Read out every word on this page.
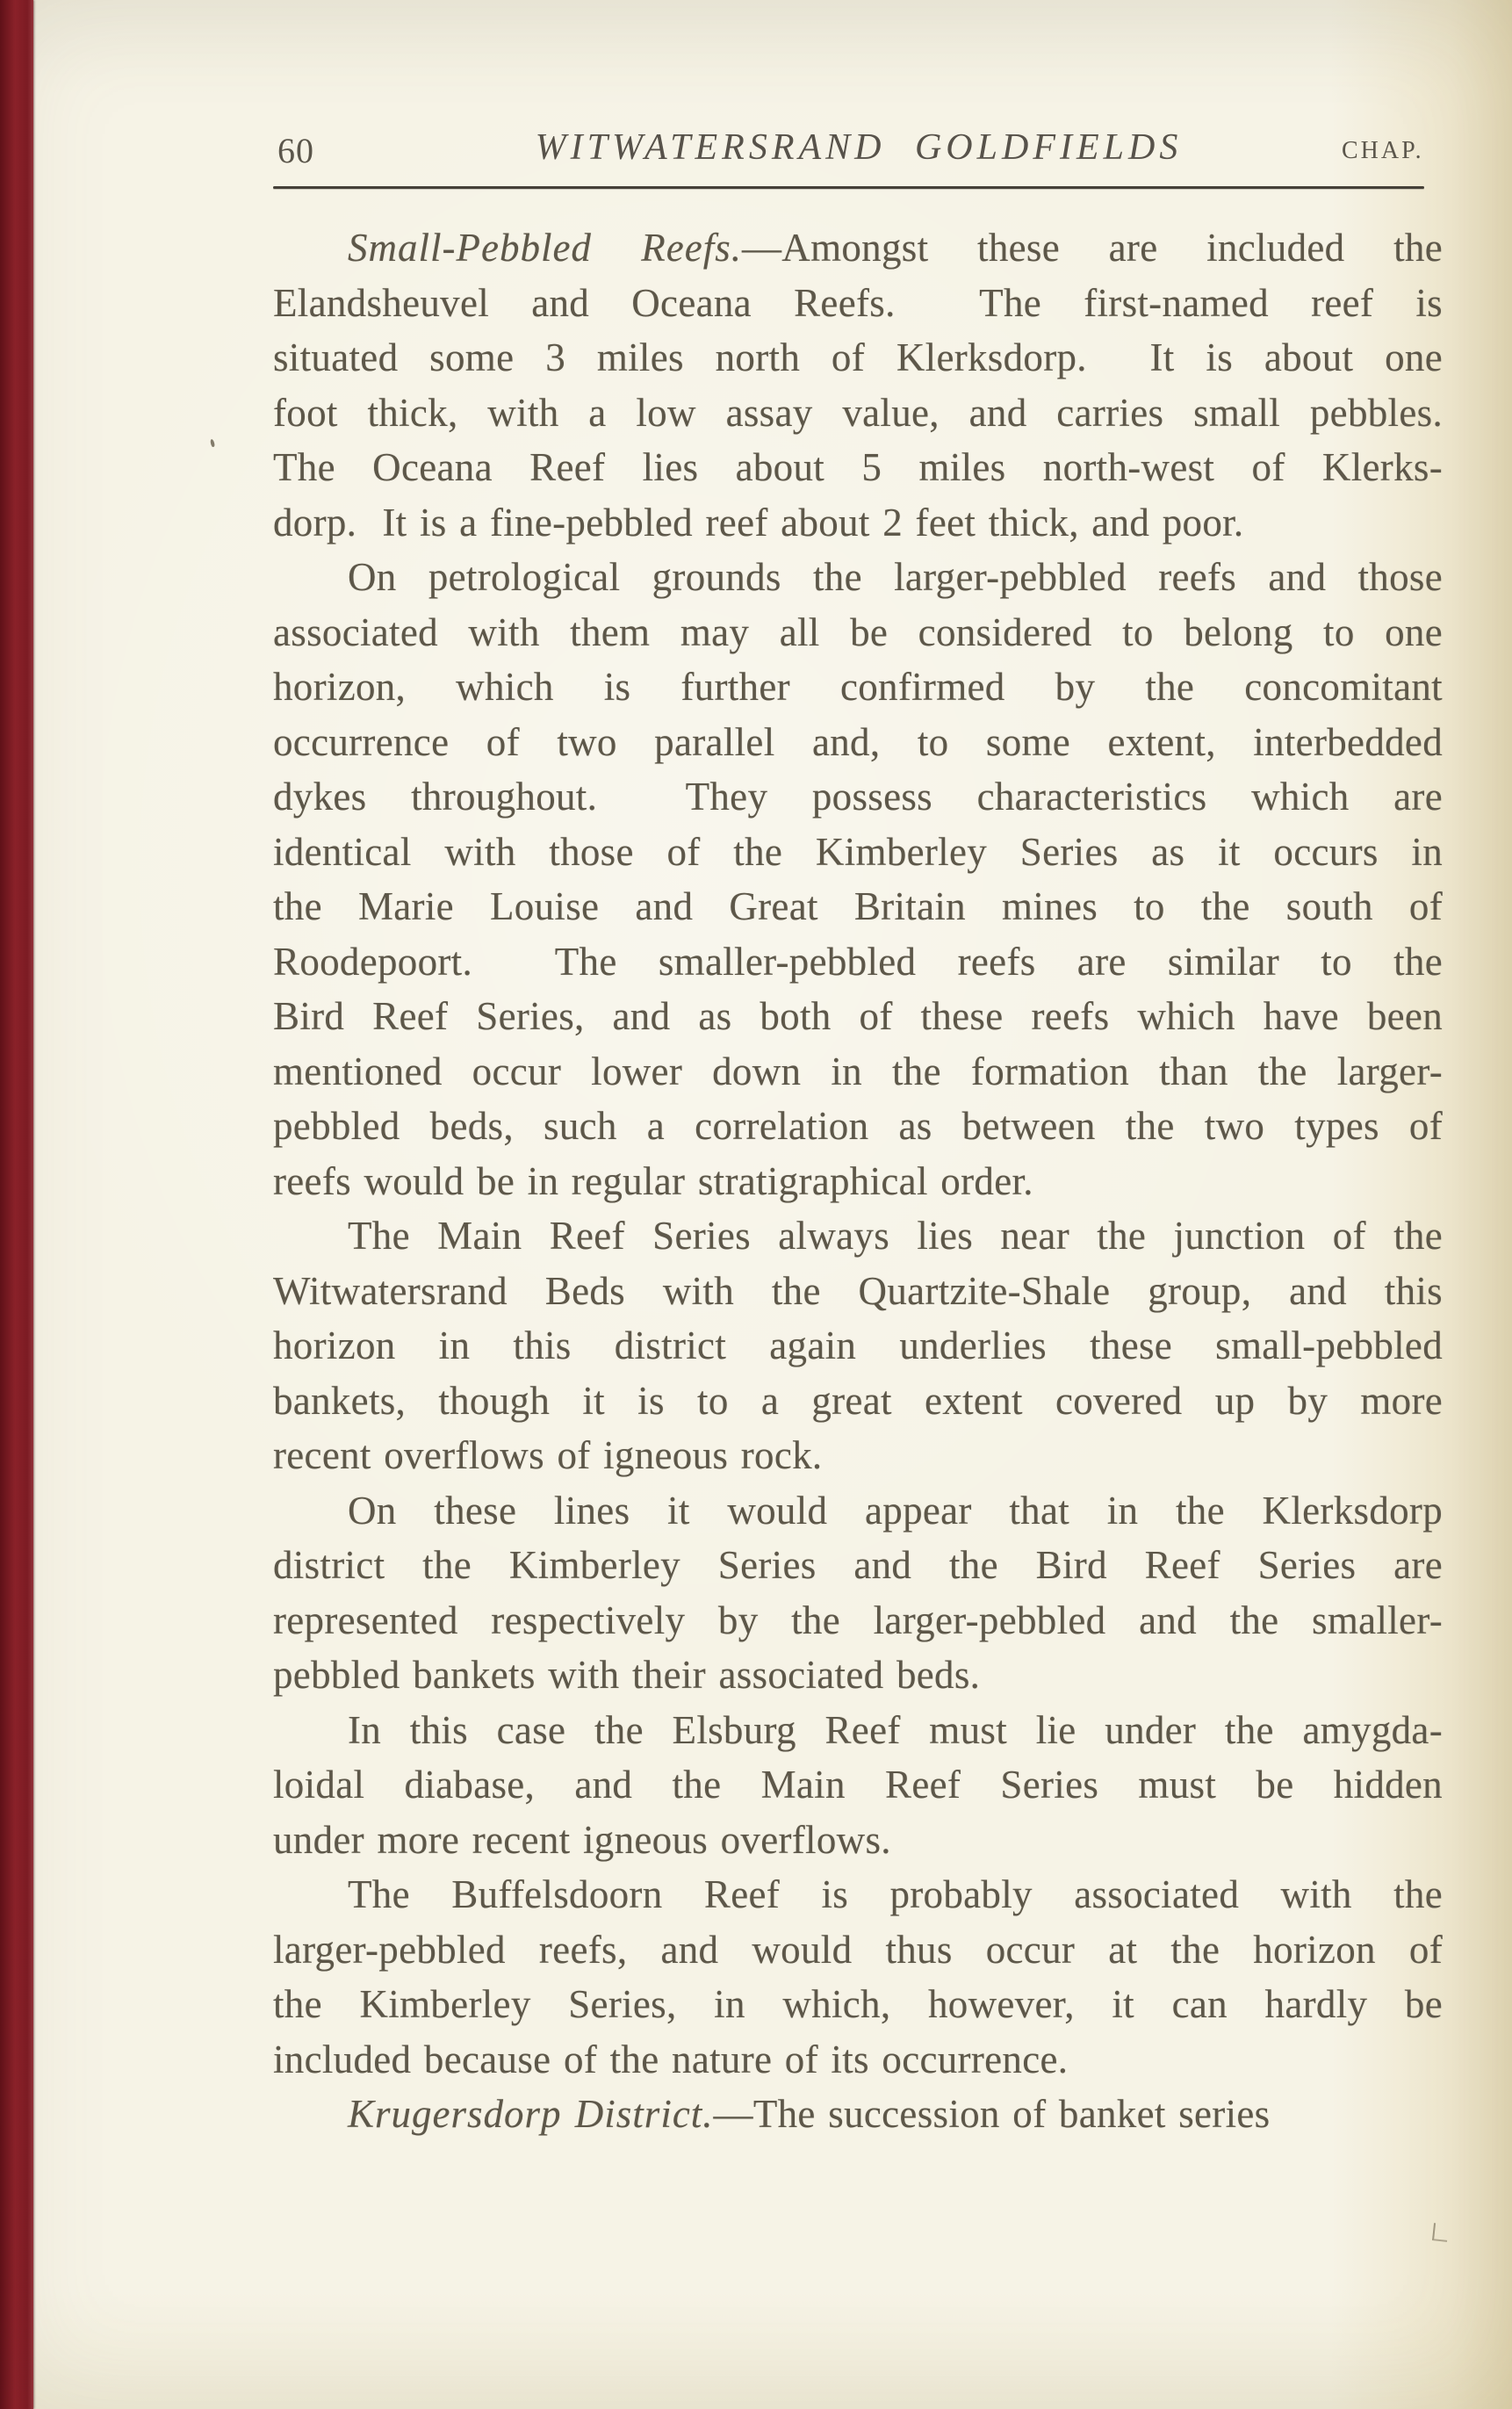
60	WITWATERSRAND GOLDFIELDS	CHAP.
Small-Pebbled Reefs.—Amongst these are included the
Elandsheuvel and Oceana Reefs.  The first-named reef is
situated some 3 miles north of Klerksdorp.  It is about one
foot thick, with a low assay value, and carries small pebbles.
The Oceana Reef lies about 5 miles north-west of Klerks-
dorp.  It is a fine-pebbled reef about 2 feet thick, and poor.
On petrological grounds the larger-pebbled reefs and those
associated with them may all be considered to belong to one
horizon, which is further confirmed by the concomitant
occurrence of two parallel and, to some extent, interbedded
dykes throughout.  They possess characteristics which are
identical with those of the Kimberley Series as it occurs in
the Marie Louise and Great Britain mines to the south of
Roodepoort.  The smaller-pebbled reefs are similar to the
Bird Reef Series, and as both of these reefs which have been
mentioned occur lower down in the formation than the larger-
pebbled beds, such a correlation as between the two types of
reefs would be in regular stratigraphical order.
The Main Reef Series always lies near the junction of the
Witwatersrand Beds with the Quartzite-Shale group, and this
horizon in this district again underlies these small-pebbled
bankets, though it is to a great extent covered up by more
recent overflows of igneous rock.
On these lines it would appear that in the Klerksdorp
district the Kimberley Series and the Bird Reef Series are
represented respectively by the larger-pebbled and the smaller-
pebbled bankets with their associated beds.
In this case the Elsburg Reef must lie under the amygda-
loidal diabase, and the Main Reef Series must be hidden
under more recent igneous overflows.
The Buffelsdoorn Reef is probably associated with the
larger-pebbled reefs, and would thus occur at the horizon of
the Kimberley Series, in which, however, it can hardly be
included because of the nature of its occurrence.
Krugersdorp District.—The succession of banket series
